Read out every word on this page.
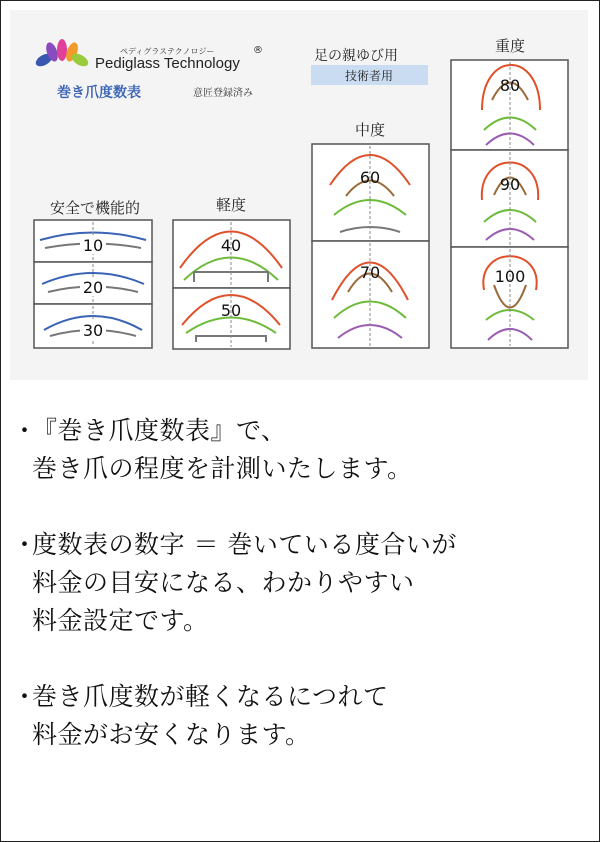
ペディグラステクノロジー
Pediglass Technology
®
巻き爪度数表	意匠登録済み
足の親ゆび用
技術者用
安全で機能的	軽度
中度
重度
10
20
30
40
50
60
70
80
90
100
・『巻き爪度数表』で、
巻き爪の程度を計測いたします。
・度数表の数字 ＝ 巻いている度合いが
料金の目安になる、わかりやすい
料金設定です。
・巻き爪度数が軽くなるにつれて
料金がお安くなります。
